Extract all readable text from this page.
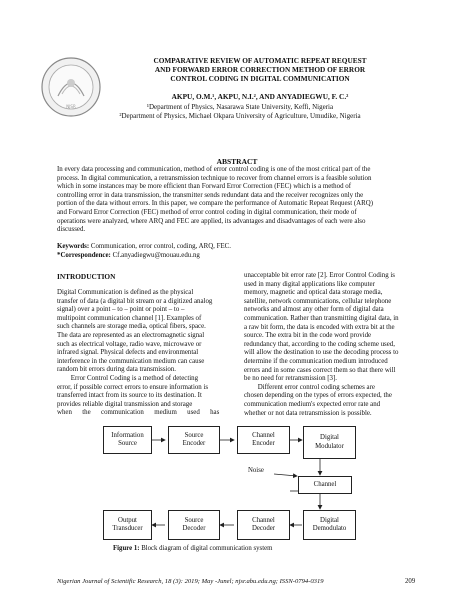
NJSR
COMPARATIVE REVIEW OF AUTOMATIC REPEAT REQUEST
AND FORWARD ERROR CORRECTION METHOD OF ERROR
CONTROL CODING IN DIGITAL COMMUNICATION
AKPU, O.M.¹, AKPU, N.I.², AND ANYADIEGWU, F. C.²
¹Department of Physics, Nasarawa State University, Keffi, Nigeria
²Department of Physics, Michael Okpara University of Agriculture, Umudike, Nigeria
ABSTRACT
In every data processing and communication, method of error control coding is one of the most critical part of the
process. In digital communication, a retransmission technique to recover from channel errors is a feasible solution
which in some instances may be more efficient than Forward Error Correction (FEC) which is a method of
controlling error in data transmission, the transmitter sends redundant data and the receiver recognizes only the
portion of the data without errors. In this paper, we compare the performance of Automatic Repeat Request (ARQ)
and Forward Error Correction (FEC) method of error control coding in digital communication, their mode of
operations were analyzed, where ARQ and FEC are applied, its advantages and disadvantages of each were also
discussed.
Keywords: Communication, error control, coding, ARQ, FEC.
*Correspondence: Cf.anyadiegwu@mouau.edu.ng
INTRODUCTION
Digital Communication is defined as the physical
transfer of data (a digital bit stream or a digitized analog
signal) over a point – to – point or point – to –
multipoint communication channel [1]. Examples of
such channels are storage media, optical fibers, space.
The data are represented as an electromagnetic signal
such as electrical voltage, radio wave, microwave or
infrared signal. Physical defects and environmental
interference in the communication medium can cause
random bit errors during data transmission.
Error Control Coding is a method of detecting
error, if possible correct errors to ensure information is
transferred intact from its source to its destination. It
provides reliable digital transmission and storage
when      the      communication      medium      used      has
unacceptable bit error rate [2]. Error Control Coding is
used in many digital applications like computer
memory, magnetic and optical data storage media,
satellite, network communications, cellular telephone
networks and almost any other form of digital data
communication. Rather than transmitting digital data, in
a raw bit form, the data is encoded with extra bit at the
source. The extra bit in the code word provide
redundancy that, according to the coding scheme used,
will allow the destination to use the decoding process to
determine if the communication medium introduced
errors and in some cases correct them so that there will
be no need for retransmission [3].
Different error control coding schemes are
chosen depending on the types of errors expected, the
communication medium's expected error rate and
whether or not data retransmission is possible.
Information
Source
Source
Encoder
Channel
Encoder
Digital
Modulator
Noise
Channel
Digital
Demodulato
Channel
Decoder
Source
Decoder
Output
Transducer
Figure 1: Block diagram of digital communication system
Nigerian Journal of Scientific Research, 18 (3): 2019; May -Junel; njsr.abu.edu.ng; ISSN-0794-0319	209
